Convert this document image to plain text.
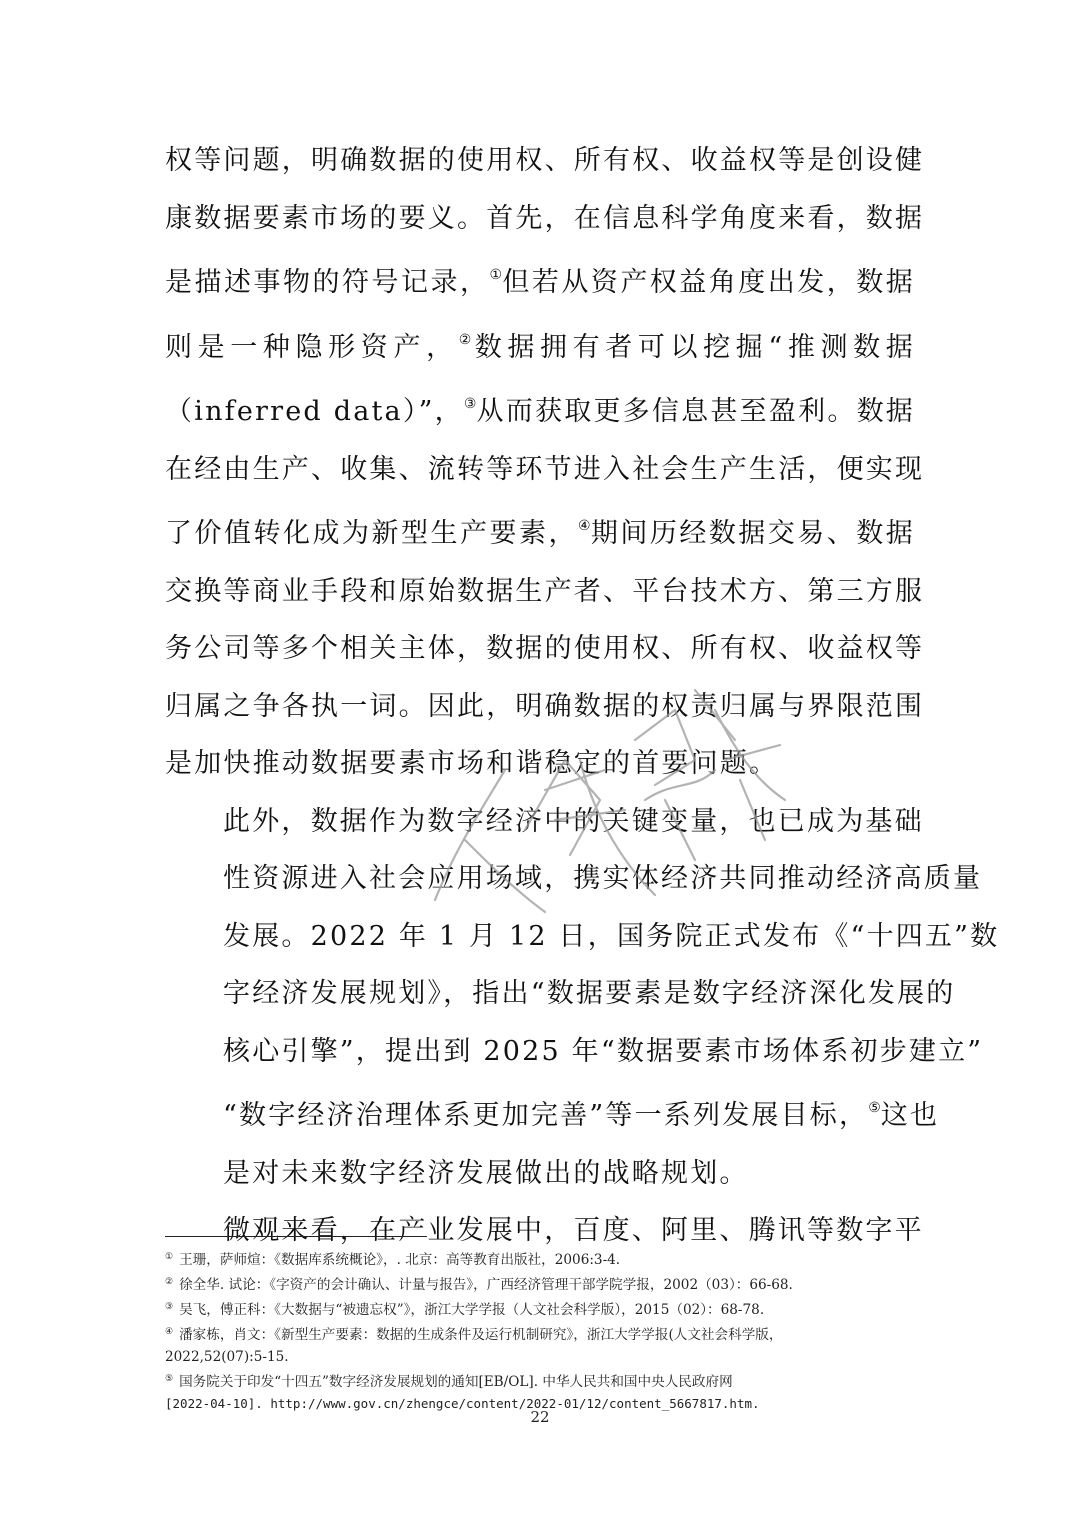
权等问题，明确数据的使用权、所有权、收益权等是创设健
康数据要素市场的要义。首先，在信息科学角度来看，数据
是描述事物的符号记录，①但若从资产权益角度出发，数据
则是一种隐形资产，②数据拥有者可以挖掘“推测数据
（inferred data）”，③从而获取更多信息甚至盈利。数据
在经由生产、收集、流转等环节进入社会生产生活，便实现
了价值转化成为新型生产要素，④期间历经数据交易、数据
交换等商业手段和原始数据生产者、平台技术方、第三方服
务公司等多个相关主体，数据的使用权、所有权、收益权等
归属之争各执一词。因此，明确数据的权责归属与界限范围
是加快推动数据要素市场和谐稳定的首要问题。
此外，数据作为数字经济中的关键变量，也已成为基础
性资源进入社会应用场域，携实体经济共同推动经济高质量
发展。2022 年 1 月 12 日，国务院正式发布《“十四五”数
字经济发展规划》，指出“数据要素是数字经济深化发展的
核心引擎”，提出到 2025 年“数据要素市场体系初步建立”
“数字经济治理体系更加完善”等一系列发展目标，⑤这也
是对未来数字经济发展做出的战略规划。
微观来看，在产业发展中，百度、阿里、腾讯等数字平
① 王珊，萨师煊：《数据库系统概论》，. 北京：高等教育出版社，2006:3-4.
② 徐全华. 试论：《字资产的会计确认、计量与报告》，广西经济管理干部学院学报，2002（03）：66-68.
③ 吴飞，傅正科：《大数据与“被遗忘权”》，浙江大学学报（人文社会科学版），2015（02）：68-78.
④ 潘家栋，肖文：《新型生产要素：数据的生成条件及运行机制研究》，浙江大学学报(人文社会科学版，
2022,52(07):5-15.
⑤ 国务院关于印发“十四五”数字经济发展规划的通知[EB/OL]. 中华人民共和国中央人民政府网
[2022-04-10]. http://www.gov.cn/zhengce/content/2022-01/12/content_5667817.htm.
22
